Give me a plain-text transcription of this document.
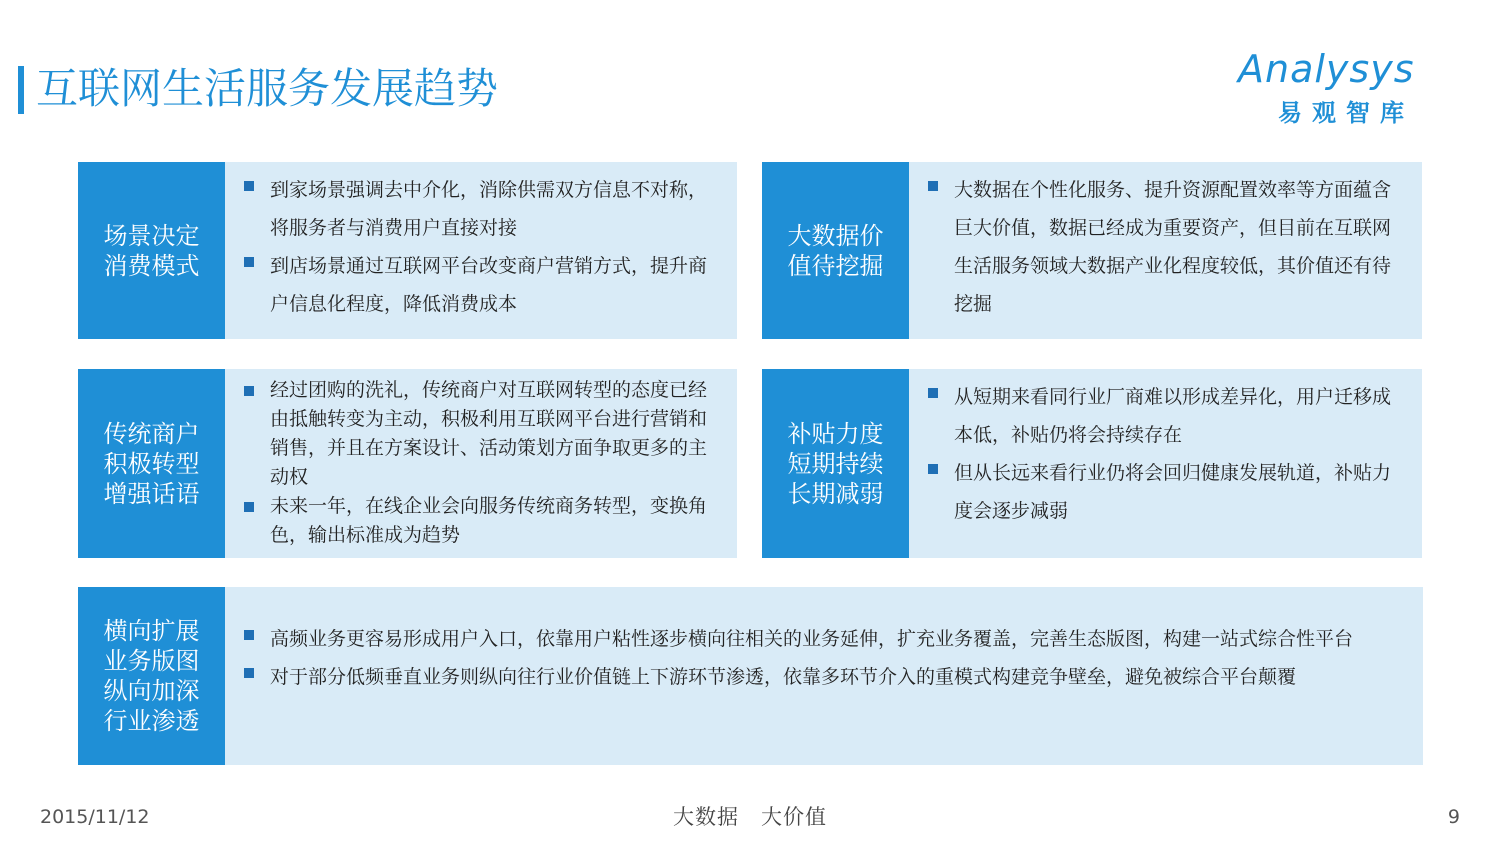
互联网生活服务发展趋势	Analysys
易观智库
场景决定消费模式
到家场景强调去中介化，消除供需双方信息不对称，将服务者与消费用户直接对接
到店场景通过互联网平台改变商户营销方式，提升商户信息化程度，降低消费成本
大数据价值待挖掘
大数据在个性化服务、提升资源配置效率等方面蕴含巨大价值，数据已经成为重要资产，但目前在互联网生活服务领域大数据产业化程度较低，其价值还有待挖掘
传统商户积极转型增强话语
经过团购的洗礼，传统商户对互联网转型的态度已经由抵触转变为主动，积极利用互联网平台进行营销和销售，并且在方案设计、活动策划方面争取更多的主动权
未来一年，在线企业会向服务传统商务转型，变换角色，输出标准成为趋势
补贴力度短期持续长期减弱
从短期来看同行业厂商难以形成差异化，用户迁移成本低，补贴仍将会持续存在
但从长远来看行业仍将会回归健康发展轨道，补贴力度会逐步减弱
横向扩展业务版图纵向加深行业渗透
高频业务更容易形成用户入口，依靠用户粘性逐步横向往相关的业务延伸，扩充业务覆盖，完善生态版图，构建一站式综合性平台
对于部分低频垂直业务则纵向往行业价值链上下游环节渗透，依靠多环节介入的重模式构建竞争壁垒，避免被综合平台颠覆
2015/11/12	大数据　大价值	9
